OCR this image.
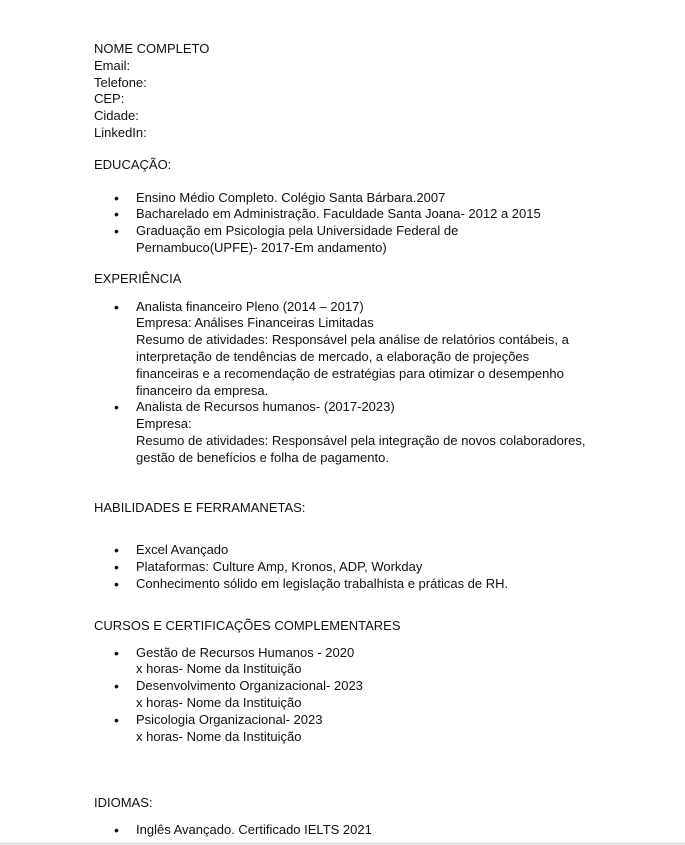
NOME COMPLETO
Email:
Telefone:
CEP:
Cidade:
LinkedIn:
EDUCAÇÃO:
• Ensino Médio Completo. Colégio Santa Bárbara.2007
• Bacharelado em Administração. Faculdade Santa Joana- 2012 a 2015
• Graduação em Psicologia pela Universidade Federal de Pernambuco(UPFE)- 2017-Em andamento)
EXPERIÊNCIA
• Analista financeiro Pleno (2014 – 2017)
Empresa: Análises Financeiras Limitadas
Resumo de atividades: Responsável pela análise de relatórios contábeis, a interpretação de tendências de mercado, a elaboração de projeções financeiras e a recomendação de estratégias para otimizar o desempenho financeiro da empresa.
• Analista de Recursos humanos- (2017-2023)
Empresa:
Resumo de atividades: Responsável pela integração de novos colaboradores, gestão de benefícios e folha de pagamento.
HABILIDADES E FERRAMANETAS:
• Excel Avançado
• Plataformas: Culture Amp, Kronos, ADP, Workday
• Conhecimento sólido em legislação trabalhista e práticas de RH.
CURSOS E CERTIFICAÇÕES COMPLEMENTARES
• Gestão de Recursos Humanos - 2020
x horas- Nome da Instituição
• Desenvolvimento Organizacional- 2023
x horas- Nome da Instituição
• Psicologia Organizacional- 2023
x horas- Nome da Instituição
IDIOMAS:
• Inglês Avançado. Certificado IELTS 2021
